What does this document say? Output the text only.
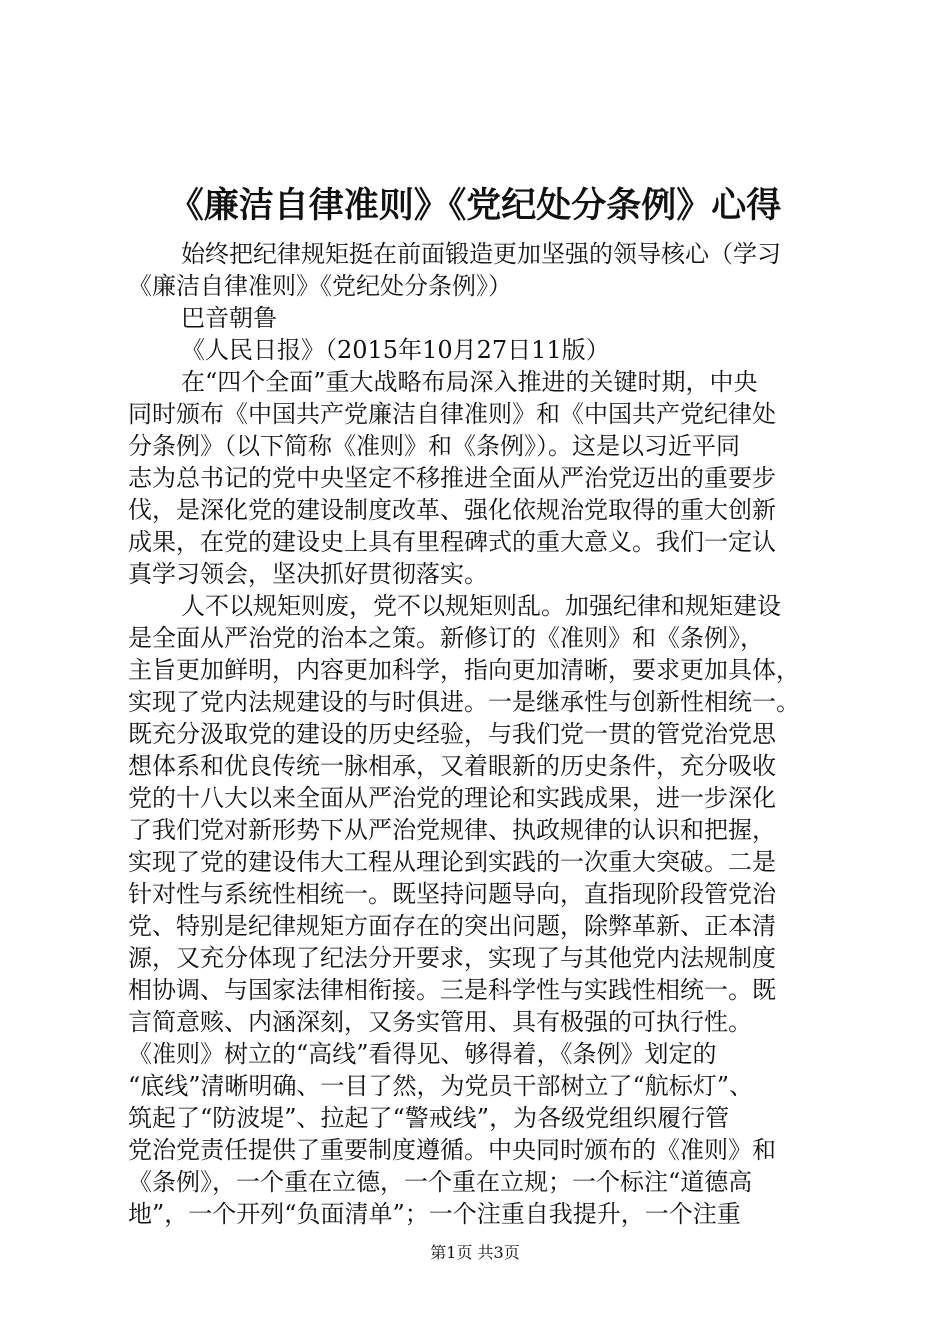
《廉洁自律准则》《党纪处分条例》心得
始终把纪律规矩挺在前面锻造更加坚强的领导核心（学习
《廉洁自律准则》《党纪处分条例》）
巴音朝鲁
《人民日报》（2015年10月27日11版）
在“四个全面”重大战略布局深入推进的关键时期，中央
同时颁布《中国共产党廉洁自律准则》和《中国共产党纪律处
分条例》（以下简称《准则》和《条例》）。这是以习近平同
志为总书记的党中央坚定不移推进全面从严治党迈出的重要步
伐，是深化党的建设制度改革、强化依规治党取得的重大创新
成果，在党的建设史上具有里程碑式的重大意义。我们一定认
真学习领会，坚决抓好贯彻落实。
人不以规矩则废，党不以规矩则乱。加强纪律和规矩建设
是全面从严治党的治本之策。新修订的《准则》和《条例》，
主旨更加鲜明，内容更加科学，指向更加清晰，要求更加具体，
实现了党内法规建设的与时俱进。一是继承性与创新性相统一。
既充分汲取党的建设的历史经验，与我们党一贯的管党治党思
想体系和优良传统一脉相承，又着眼新的历史条件，充分吸收
党的十八大以来全面从严治党的理论和实践成果，进一步深化
了我们党对新形势下从严治党规律、执政规律的认识和把握，
实现了党的建设伟大工程从理论到实践的一次重大突破。二是
针对性与系统性相统一。既坚持问题导向，直指现阶段管党治
党、特别是纪律规矩方面存在的突出问题，除弊革新、正本清
源，又充分体现了纪法分开要求，实现了与其他党内法规制度
相协调、与国家法律相衔接。三是科学性与实践性相统一。既
言简意赅、内涵深刻，又务实管用、具有极强的可执行性。
《准则》树立的“高线”看得见、够得着，《条例》划定的
“底线”清晰明确、一目了然，为党员干部树立了“航标灯”、
筑起了“防波堤”、拉起了“警戒线”，为各级党组织履行管
党治党责任提供了重要制度遵循。中央同时颁布的《准则》和
《条例》，一个重在立德，一个重在立规；一个标注“道德高
地”，一个开列“负面清单”；一个注重自我提升，一个注重
第1页 共3页
